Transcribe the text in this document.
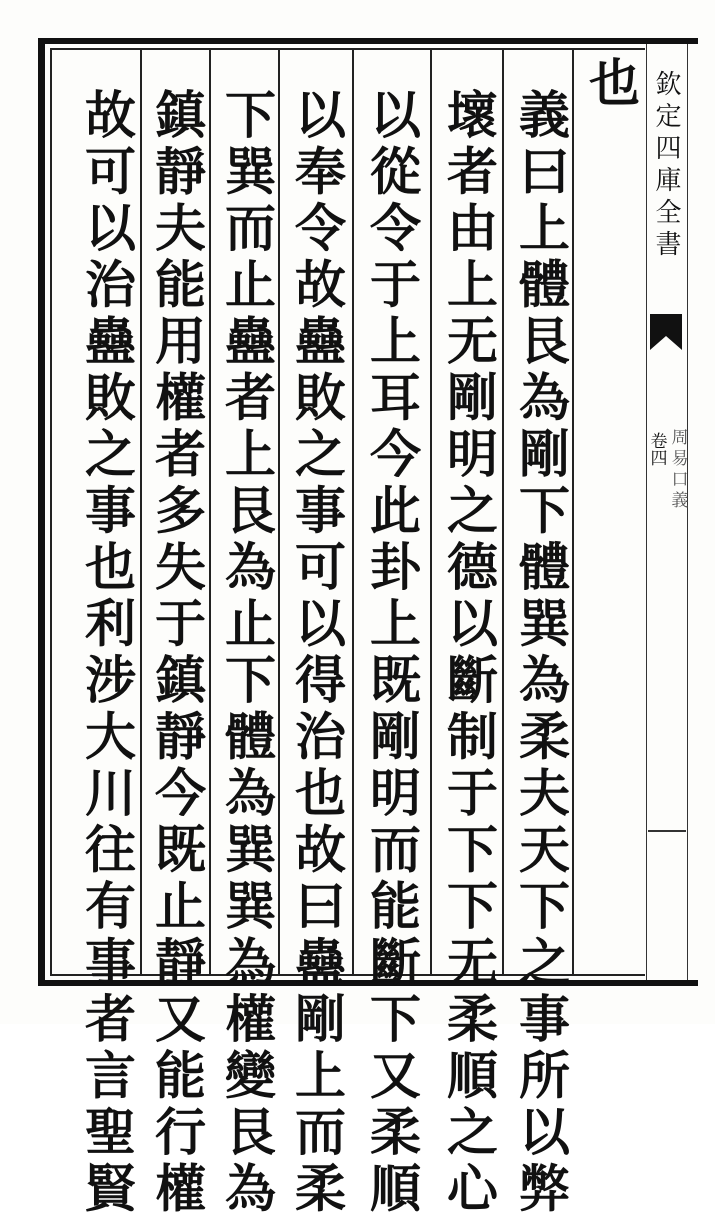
也
義曰上體艮為剛下體巽為柔夫天下之事所以弊
壞者由上无剛明之德以斷制于下下无柔順之心
以從令于上耳今此卦上既剛明而能斷下又柔順
以奉令故蠱敗之事可以得治也故曰蠱剛上而柔
下巽而止蠱者上艮為止下體為巽巽為權變艮為
鎮靜夫能用權者多失于鎮靜今既止靜又能行權
故可以治蠱敗之事也利涉大川往有事者言聖賢	欽定四庫全書
卷四 周易口義
